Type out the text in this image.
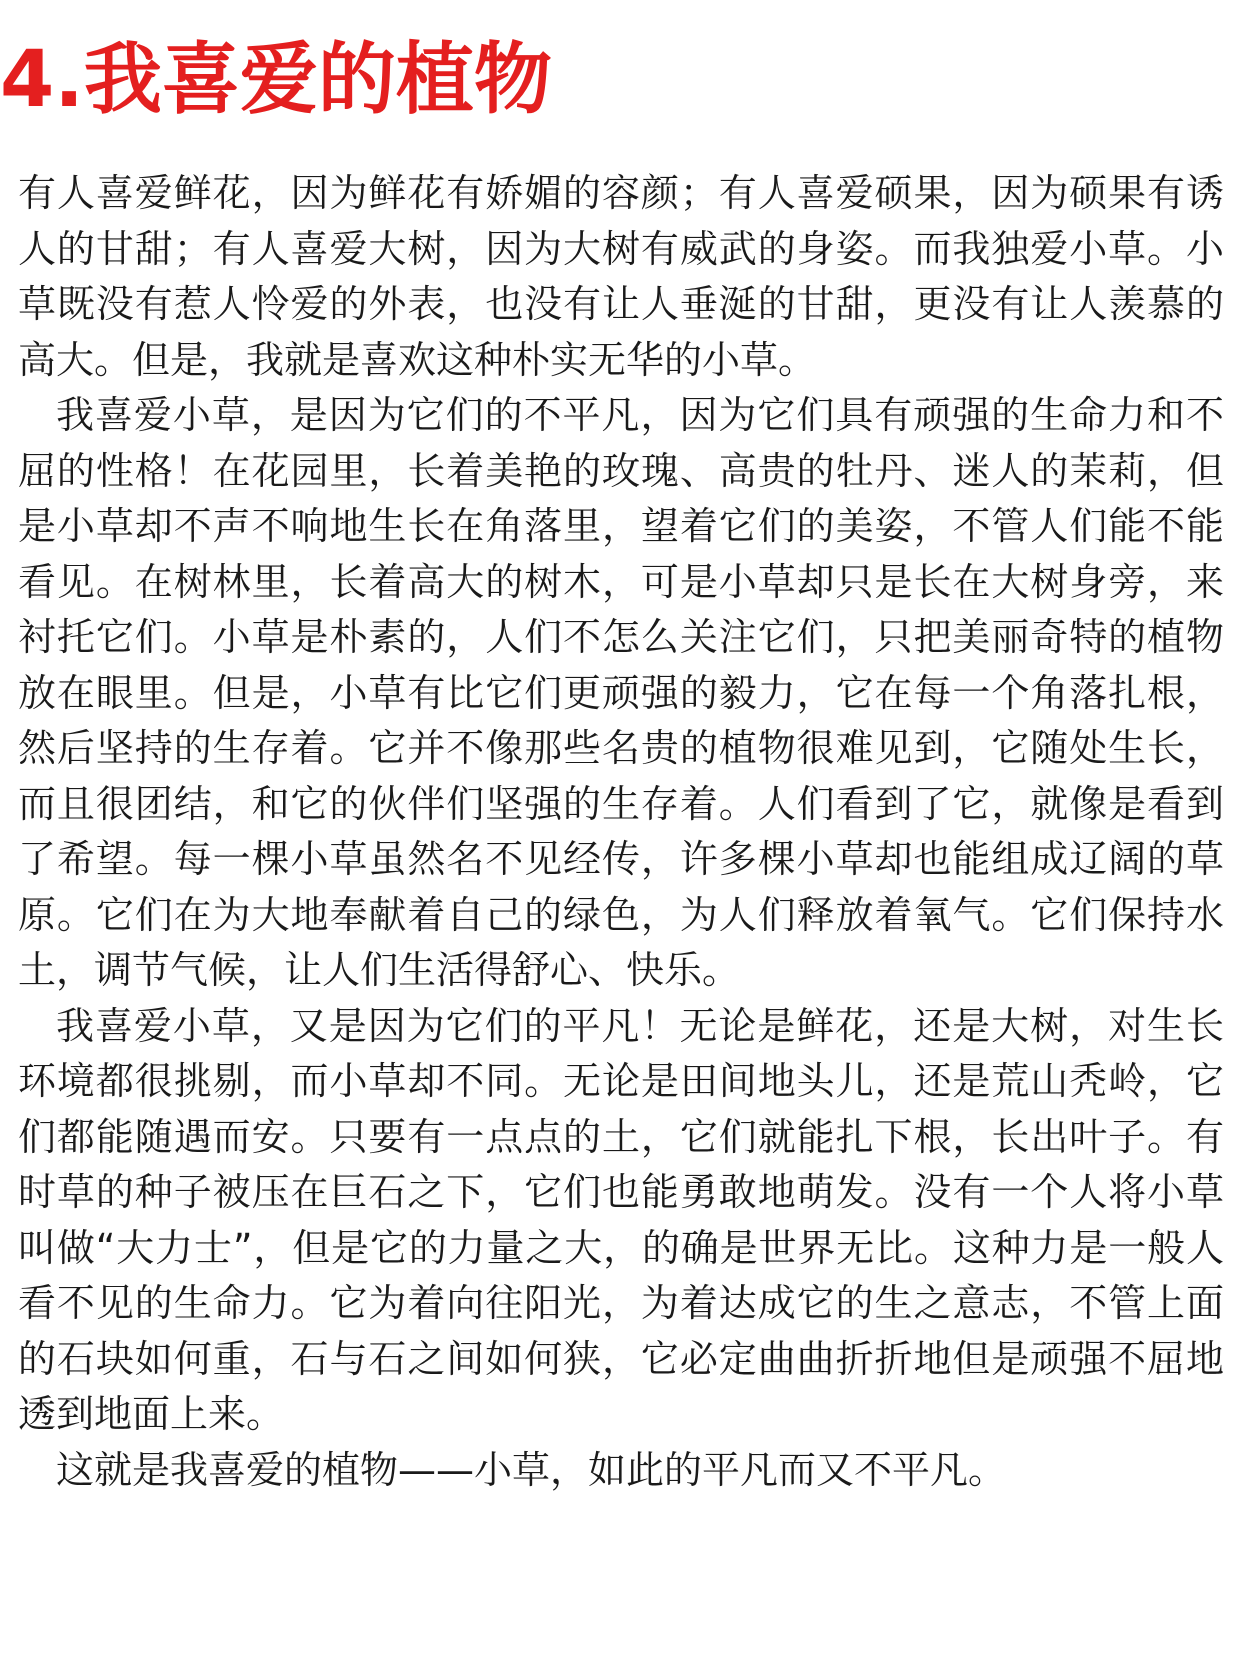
4.我喜爱的植物

有人喜爱鲜花，因为鲜花有娇媚的容颜；有人喜爱硕果，因为硕果有诱人的甘甜；有人喜爱大树，因为大树有威武的身姿。而我独爱小草。小草既没有惹人怜爱的外表，也没有让人垂涎的甘甜，更没有让人羡慕的高大。但是，我就是喜欢这种朴实无华的小草。

我喜爱小草，是因为它们的不平凡，因为它们具有顽强的生命力和不屈的性格！在花园里，长着美艳的玫瑰、高贵的牡丹、迷人的茉莉，但是小草却不声不响地生长在角落里，望着它们的美姿，不管人们能不能看见。在树林里，长着高大的树木，可是小草却只是长在大树身旁，来衬托它们。小草是朴素的，人们不怎么关注它们，只把美丽奇特的植物放在眼里。但是，小草有比它们更顽强的毅力，它在每一个角落扎根，然后坚持的生存着。它并不像那些名贵的植物很难见到，它随处生长，而且很团结，和它的伙伴们坚强的生存着。人们看到了它，就像是看到了希望。每一棵小草虽然名不见经传，许多棵小草却也能组成辽阔的草原。它们在为大地奉献着自己的绿色，为人们释放着氧气。它们保持水土，调节气候，让人们生活得舒心、快乐。

我喜爱小草，又是因为它们的平凡！无论是鲜花，还是大树，对生长环境都很挑剔，而小草却不同。无论是田间地头儿，还是荒山秃岭，它们都能随遇而安。只要有一点点的土，它们就能扎下根，长出叶子。有时草的种子被压在巨石之下，它们也能勇敢地萌发。没有一个人将小草叫做“大力士”，但是它的力量之大，的确是世界无比。这种力是一般人看不见的生命力。它为着向往阳光，为着达成它的生之意志，不管上面的石块如何重，石与石之间如何狭，它必定曲曲折折地但是顽强不屈地透到地面上来。

这就是我喜爱的植物——小草，如此的平凡而又不平凡。
